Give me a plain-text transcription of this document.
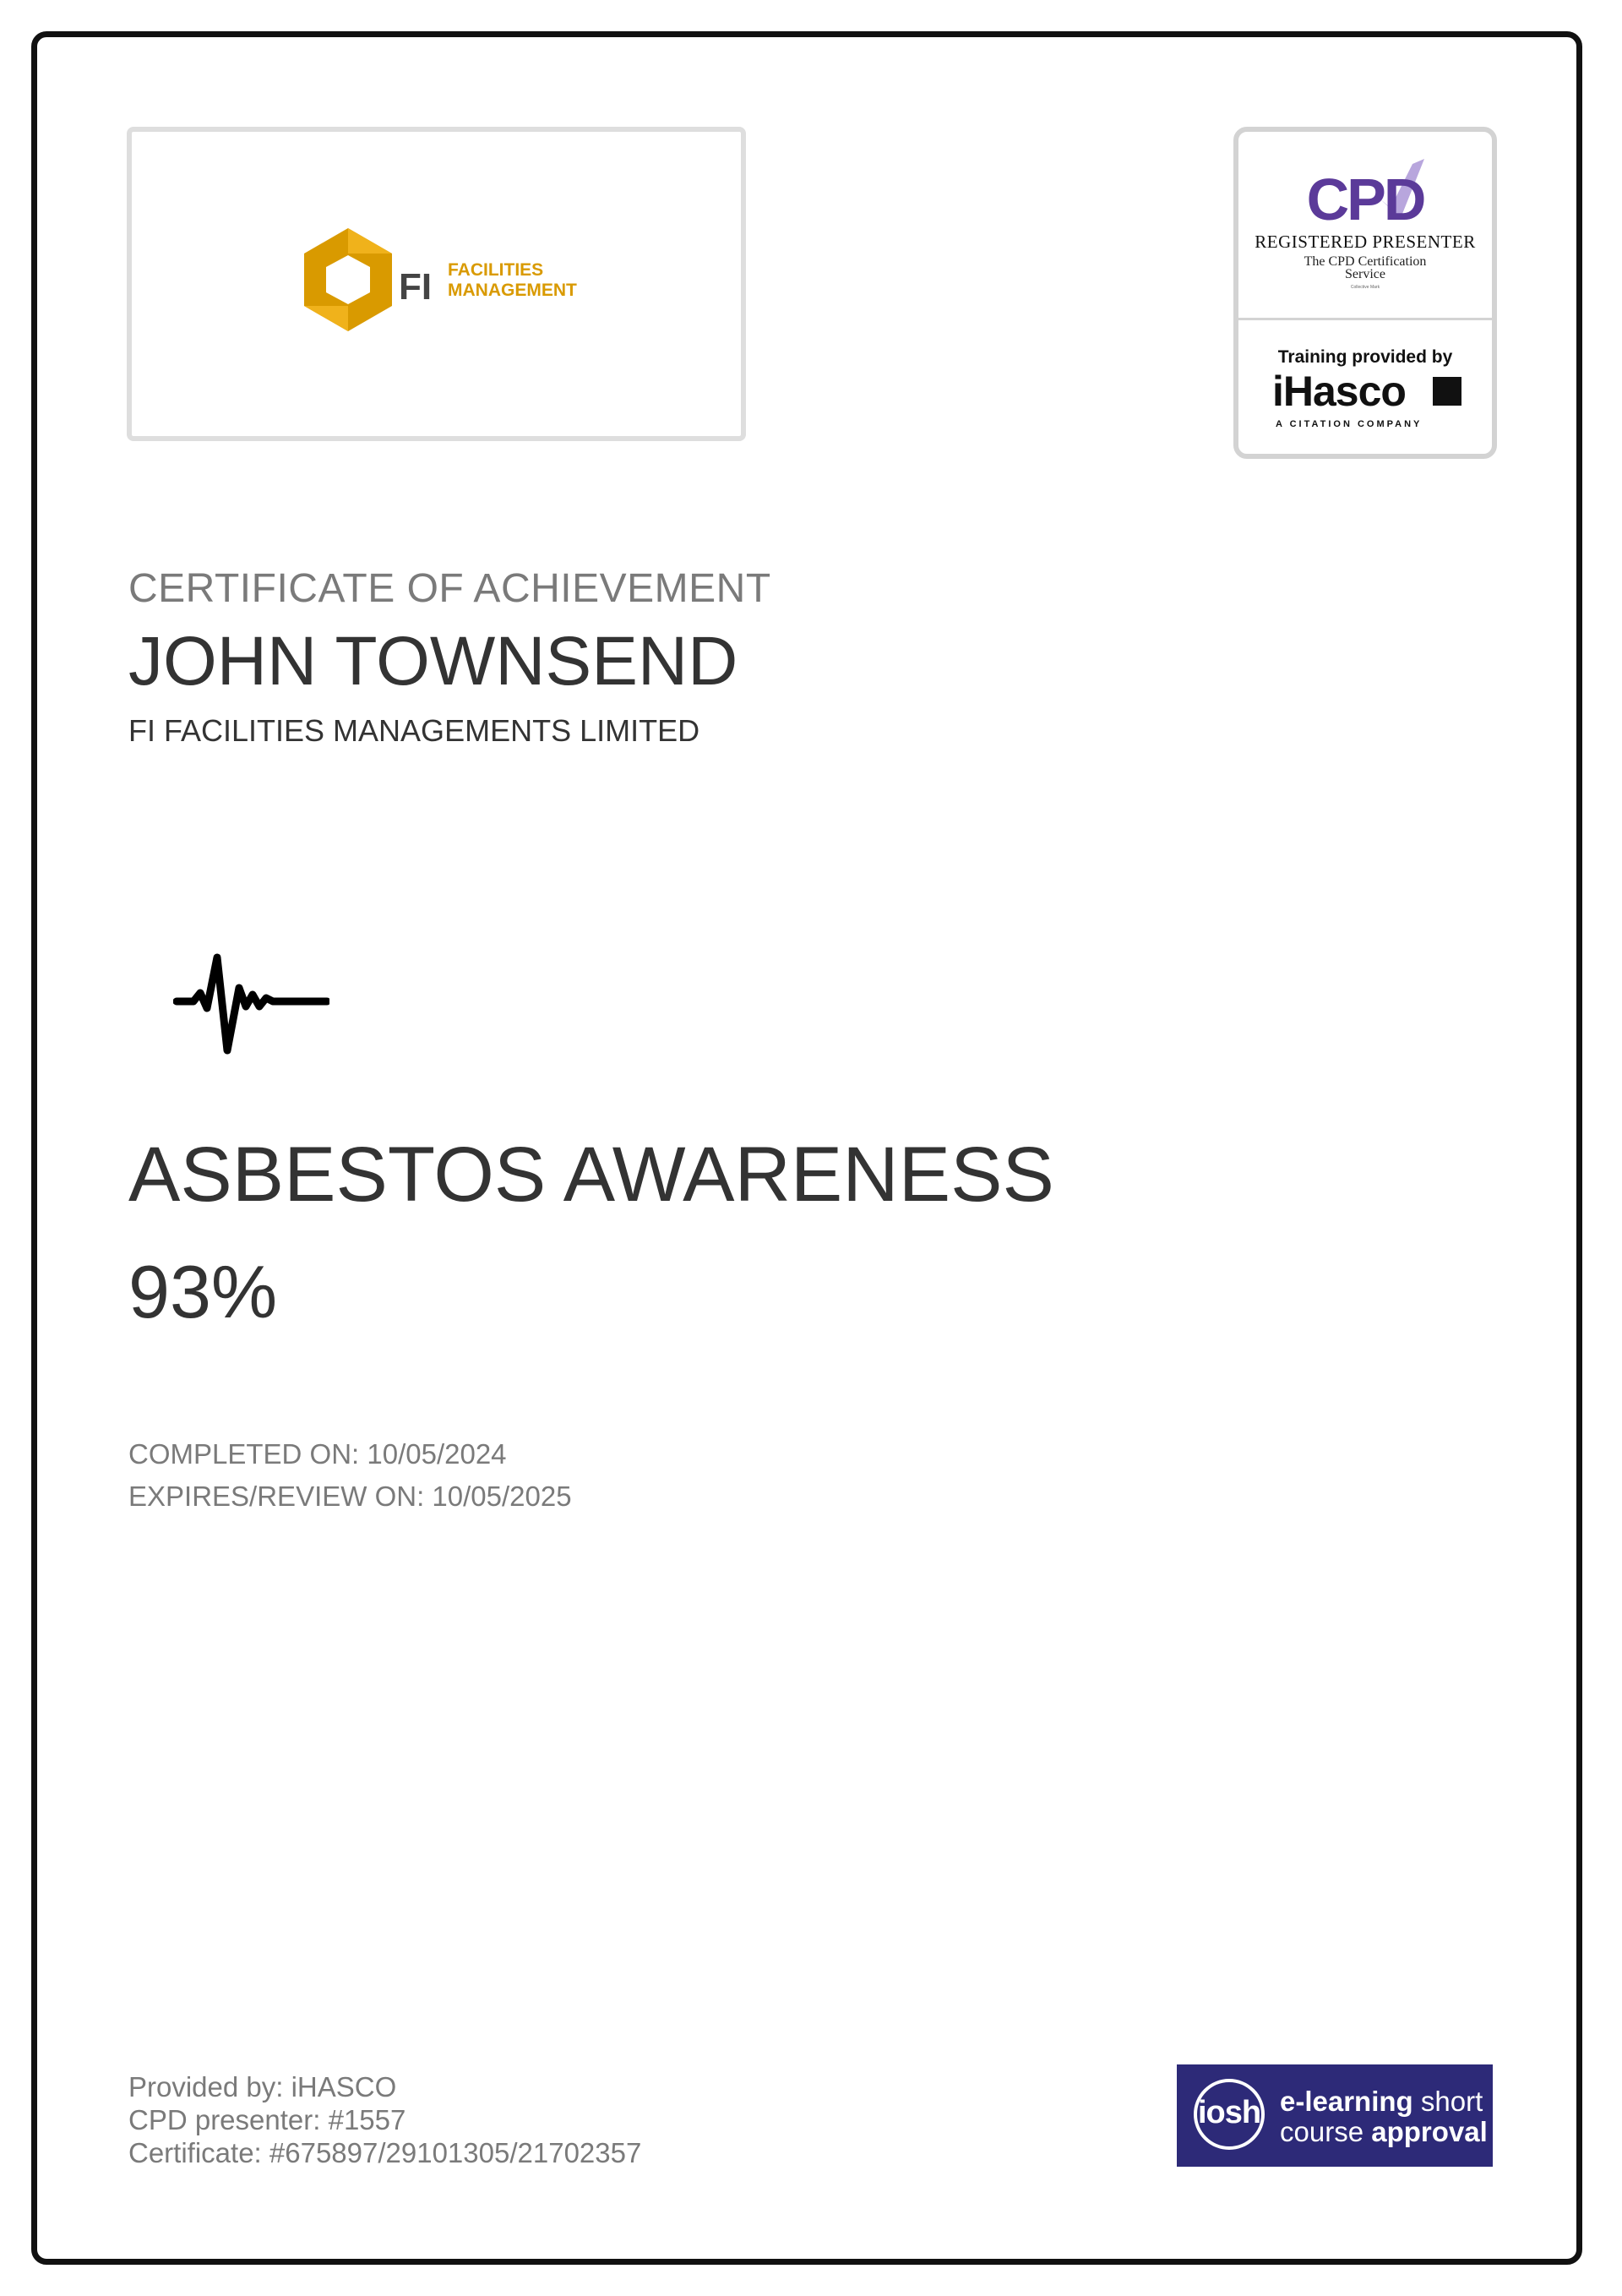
FI FACILITIES
MANAGEMENT
CPD
REGISTERED PRESENTER
The CPD Certification
Service
Collective Mark
Training provided by
iHasco
A CITATION COMPANY
CERTIFICATE OF ACHIEVEMENT
JOHN TOWNSEND
FI FACILITIES MANAGEMENTS LIMITED
ASBESTOS AWARENESS
93%
COMPLETED ON: 10/05/2024
EXPIRES/REVIEW ON: 10/05/2025
Provided by: iHASCO
CPD presenter: #1557
Certificate: #675897/29101305/21702357
iosh e-learning short
course approval
